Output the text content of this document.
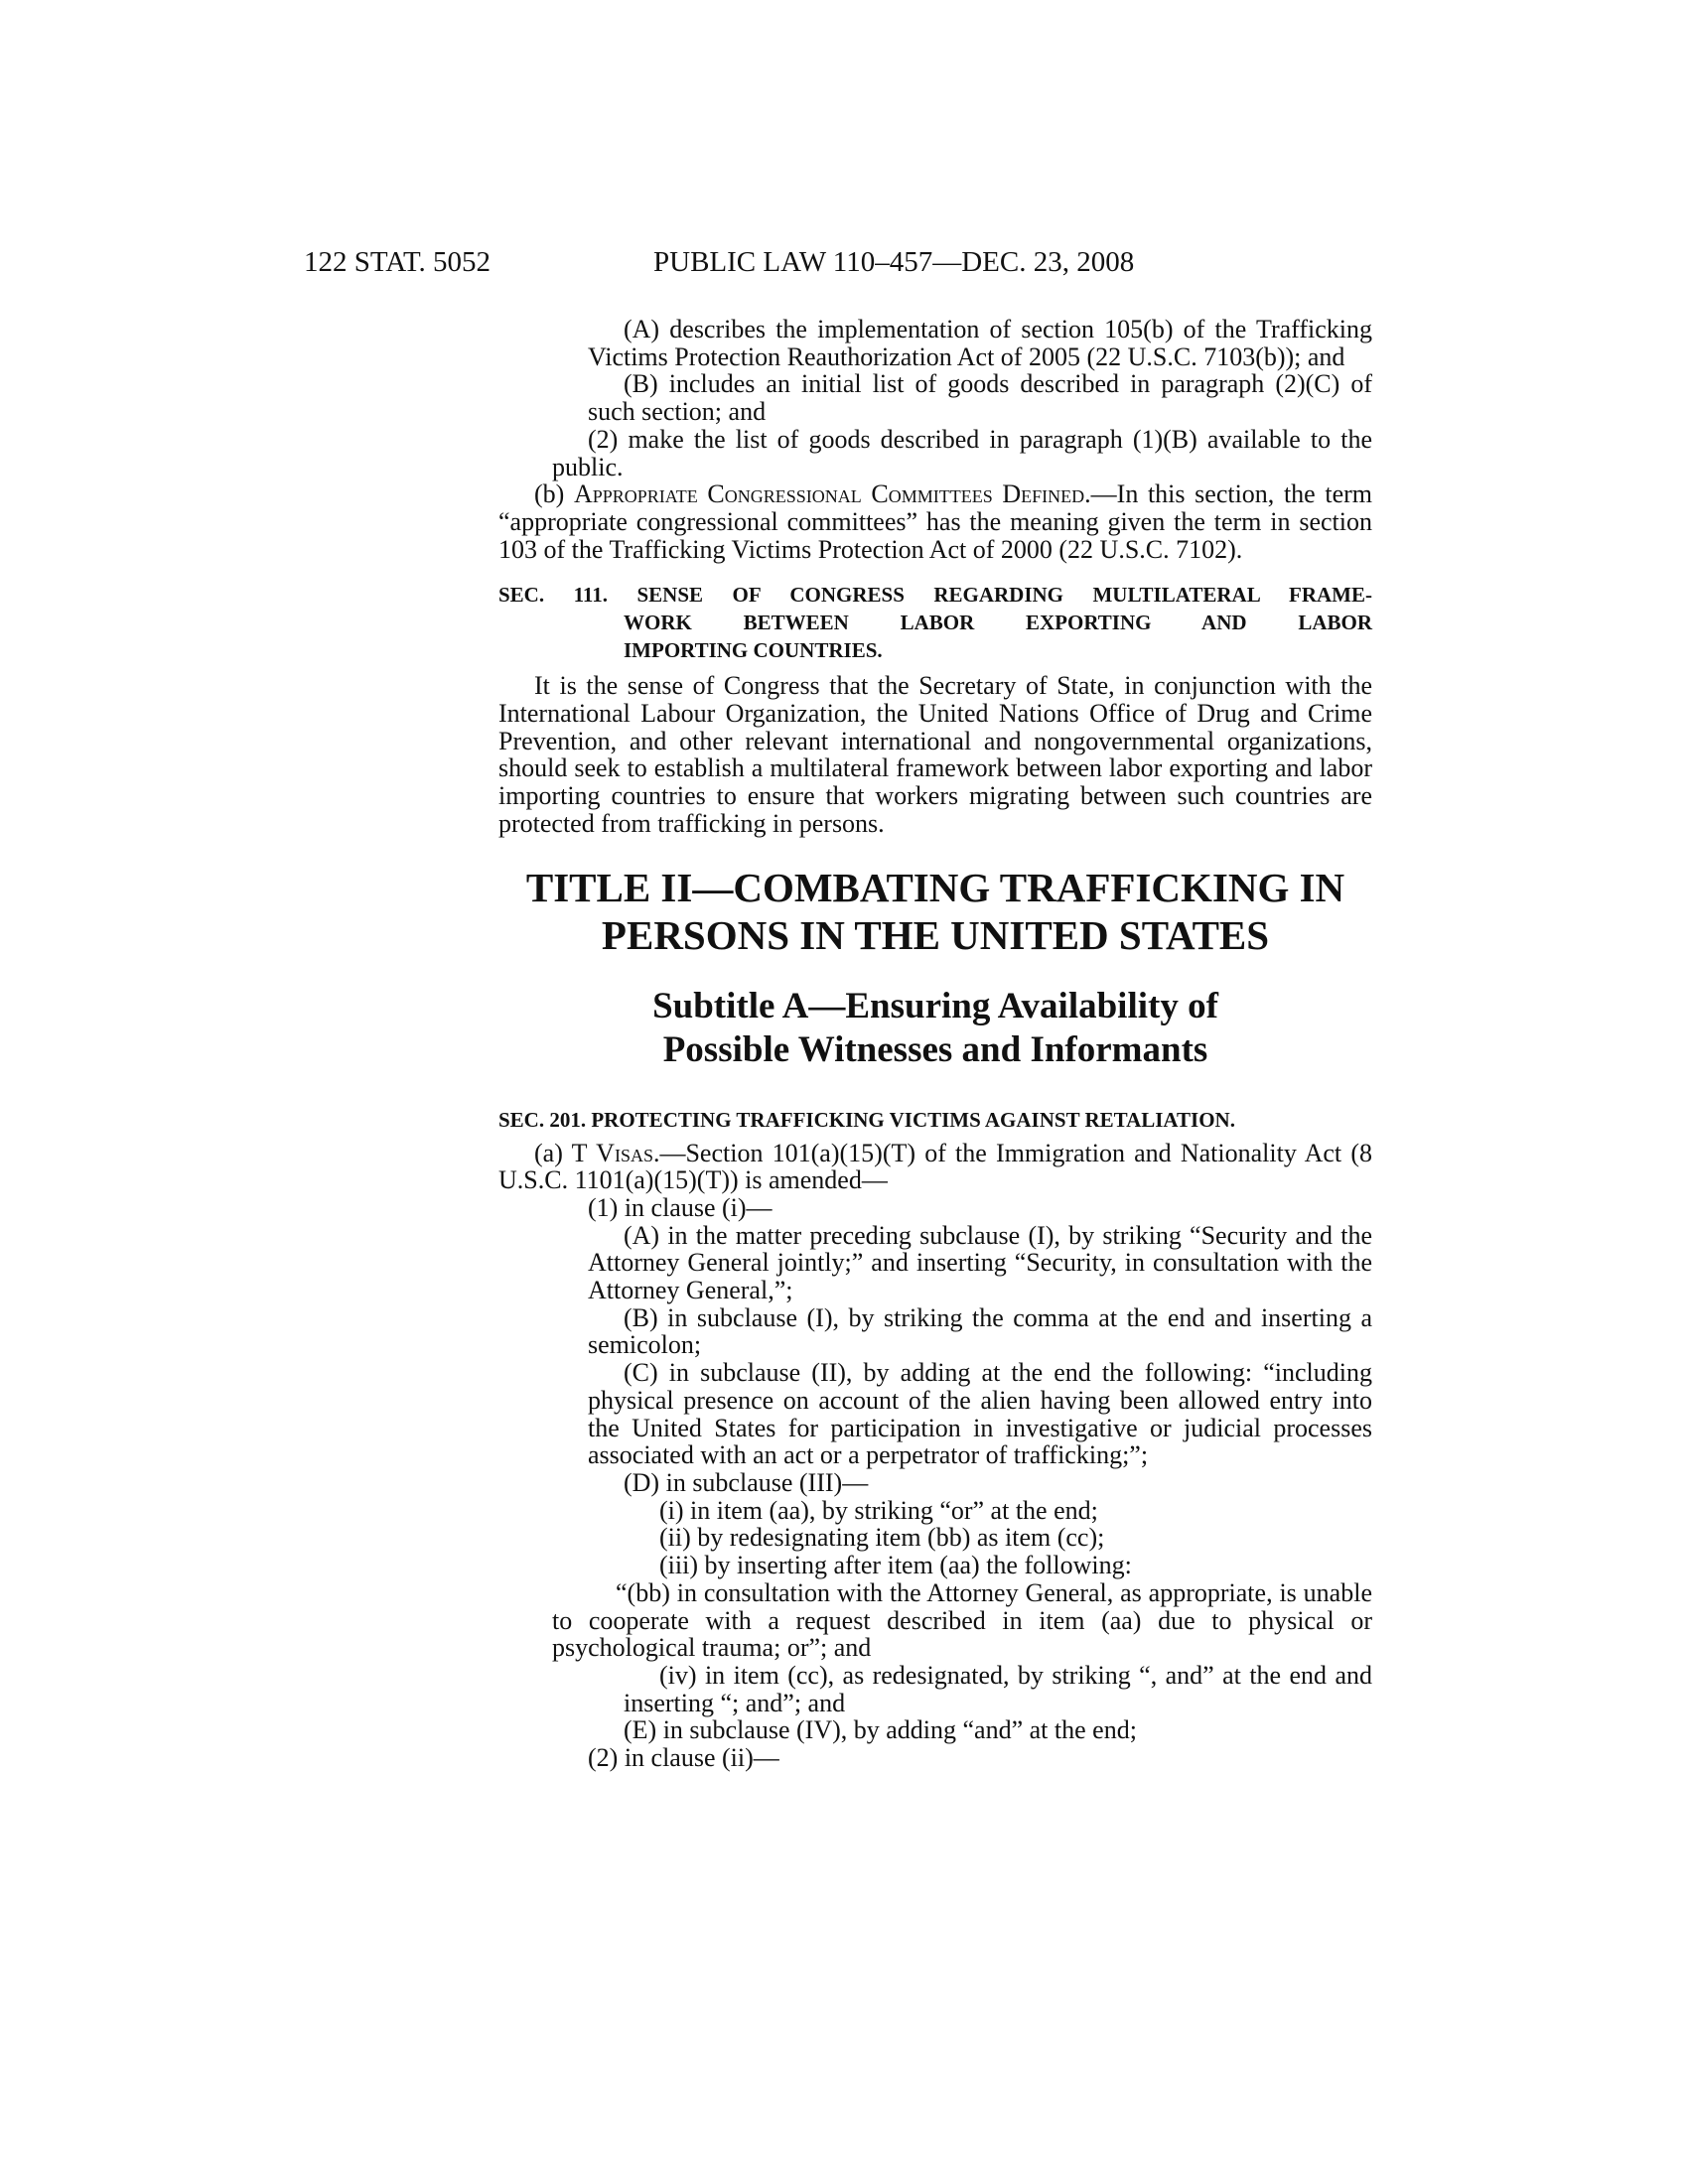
122 STAT. 5052	PUBLIC LAW 110–457—DEC. 23, 2008

(A) describes the implementation of section 105(b) of the Trafficking Victims Protection Reauthorization Act of 2005 (22 U.S.C. 7103(b)); and

(B) includes an initial list of goods described in paragraph (2)(C) of such section; and

(2) make the list of goods described in paragraph (1)(B) available to the public.

(b) Appropriate Congressional Committees Defined.—In this section, the term “appropriate congressional committees” has the meaning given the term in section 103 of the Trafficking Victims Protection Act of 2000 (22 U.S.C. 7102).

SEC. 111. SENSE OF CONGRESS REGARDING MULTILATERAL FRAME-
WORK BETWEEN LABOR EXPORTING AND LABOR
IMPORTING COUNTRIES.

It is the sense of Congress that the Secretary of State, in conjunction with the International Labour Organization, the United Nations Office of Drug and Crime Prevention, and other relevant international and nongovernmental organizations, should seek to establish a multilateral framework between labor exporting and labor importing countries to ensure that workers migrating between such countries are protected from trafficking in persons.

TITLE II—COMBATING TRAFFICKING IN
PERSONS IN THE UNITED STATES
Subtitle A—Ensuring Availability of
Possible Witnesses and Informants
SEC. 201. PROTECTING TRAFFICKING VICTIMS AGAINST RETALIATION.

(a) T Visas.—Section 101(a)(15)(T) of the Immigration and Nationality Act (8 U.S.C. 1101(a)(15)(T)) is amended—

(1) in clause (i)—

(A) in the matter preceding subclause (I), by striking “Security and the Attorney General jointly;” and inserting “Security, in consultation with the Attorney General,”;

(B) in subclause (I), by striking the comma at the end and inserting a semicolon;

(C) in subclause (II), by adding at the end the following: “including physical presence on account of the alien having been allowed entry into the United States for participation in investigative or judicial processes associated with an act or a perpetrator of trafficking;”;

(D) in subclause (III)—

(i) in item (aa), by striking “or” at the end;

(ii) by redesignating item (bb) as item (cc);

(iii) by inserting after item (aa) the following:

“(bb) in consultation with the Attorney General, as appropriate, is unable to cooperate with a request described in item (aa) due to physical or psychological trauma; or”; and

(iv) in item (cc), as redesignated, by striking “, and” at the end and inserting “; and”; and

(E) in subclause (IV), by adding “and” at the end;

(2) in clause (ii)—
